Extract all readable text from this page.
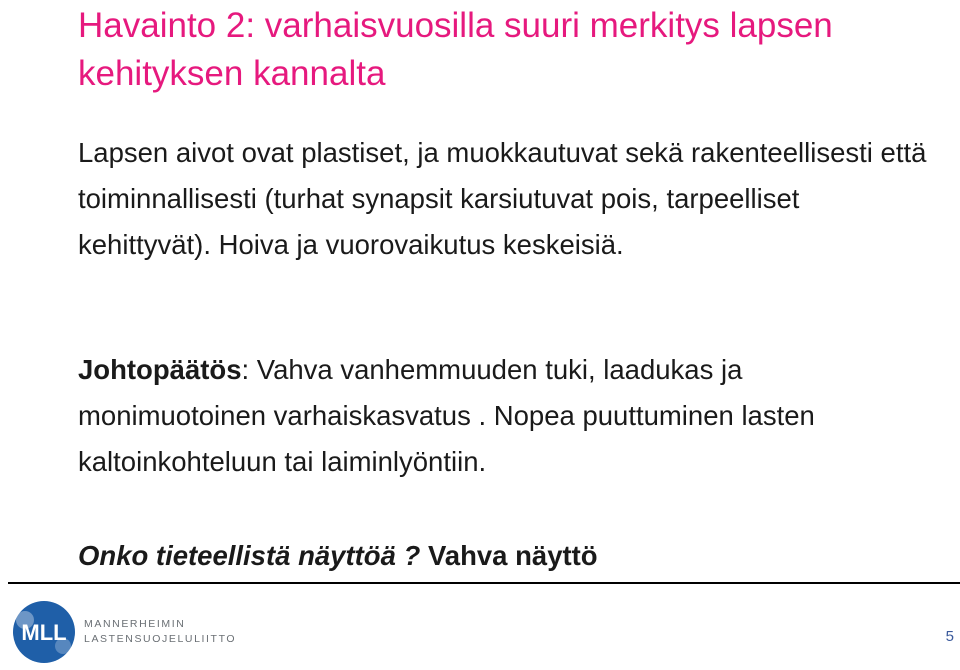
Havainto 2: varhaisvuosilla suuri merkitys lapsen kehityksen kannalta
Lapsen aivot ovat plastiset, ja muokkautuvat sekä rakenteellisesti että toiminnallisesti (turhat synapsit karsiutuvat pois, tarpeelliset kehittyvät). Hoiva ja vuorovaikutus keskeisiä.
Johtopäätös: Vahva vanhemmuuden tuki, laadukas ja monimuotoinen varhaiskasvatus . Nopea puuttuminen lasten kaltoinkohteluun tai laiminlyöntiin.
Onko tieteellistä näyttöä ? Vahva näyttö
MLL MANNERHEIMIN
LASTENSUOJELULIITTO	5
